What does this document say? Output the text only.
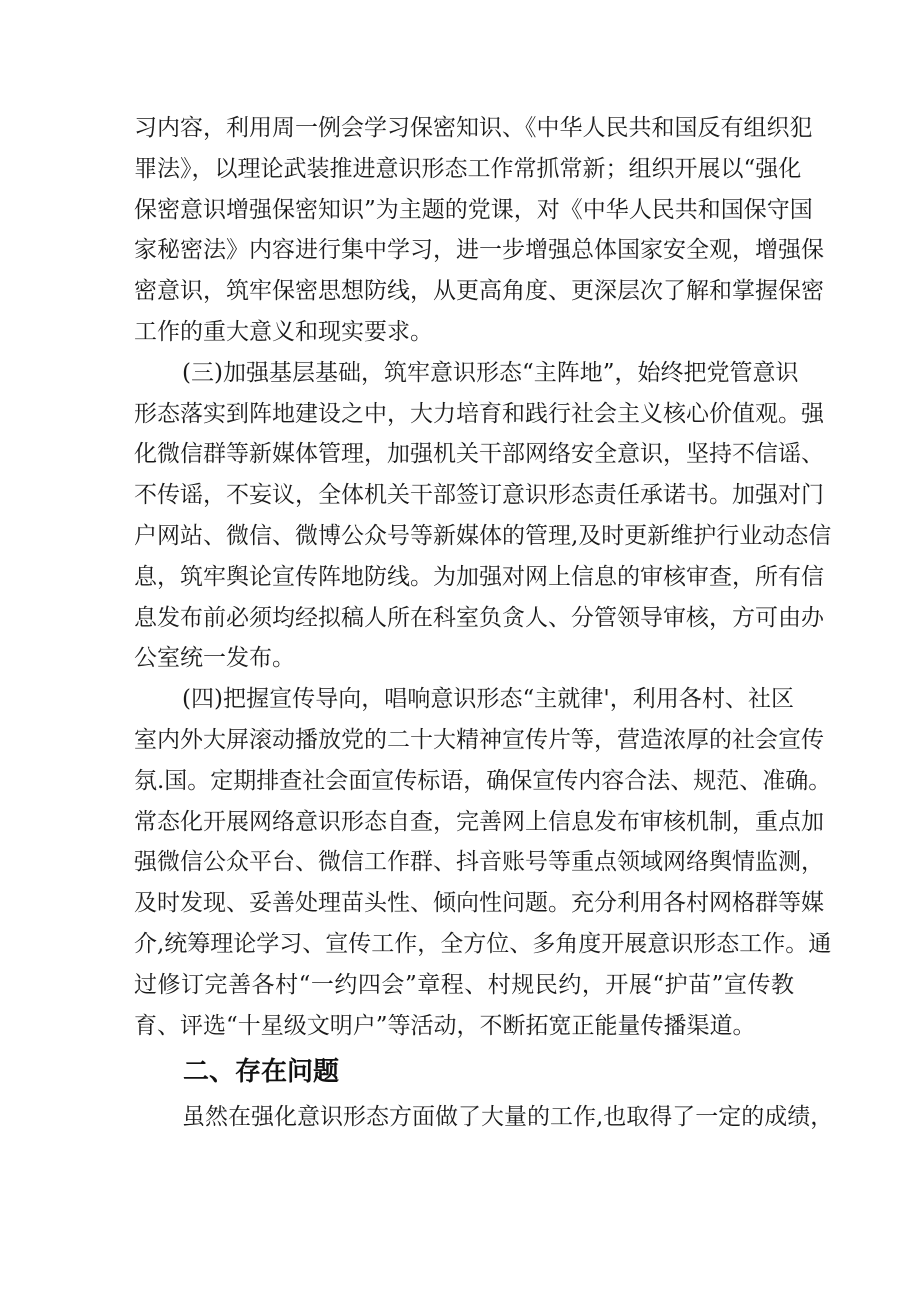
习内容，利用周一例会学习保密知识、《中华人民共和国反有组织犯
罪法》，以理论武装推进意识形态工作常抓常新；组织开展以“强化
保密意识增强保密知识”为主题的党课，对《中华人民共和国保守国
家秘密法》内容进行集中学习，进一步增强总体国家安全观，增强保
密意识，筑牢保密思想防线，从更高角度、更深层次了解和掌握保密
工作的重大意义和现实要求。
(三)加强基层基础，筑牢意识形态“主阵地”，始终把党管意识
形态落实到阵地建设之中，大力培育和践行社会主义核心价值观。强
化微信群等新媒体管理，加强机关干部网络安全意识，坚持不信谣、
不传谣，不妄议，全体机关干部签订意识形态责任承诺书。加强对门
户网站、微信、微博公众号等新媒体的管理,及时更新维护行业动态信
息，筑牢舆论宣传阵地防线。为加强对网上信息的审核审查，所有信
息发布前必须均经拟稿人所在科室负贪人、分管领导审核，方可由办
公室统一发布。
(四)把握宣传导向，唱响意识形态“主就律'，利用各村、社区
室内外大屏滚动播放党的二十大精神宣传片等，营造浓厚的社会宣传
氛.国。定期排查社会面宣传标语，确保宣传内容合法、规范、准确。
常态化开展网络意识形态自查，完善网上信息发布审核机制，重点加
强微信公众平台、微信工作群、抖音账号等重点领域网络舆情监测，
及时发现、妥善处理苗头性、倾向性问题。充分利用各村网格群等媒
介,统筹理论学习、宣传工作，全方位、多角度开展意识形态工作。通
过修订完善各村“一约四会”章程、村规民约，开展“护苗”宣传教
育、评选“十星级文明户”等活动，不断拓宽正能量传播渠道。
二、存在问题
虽然在强化意识形态方面做了大量的工作,也取得了一定的成绩，
